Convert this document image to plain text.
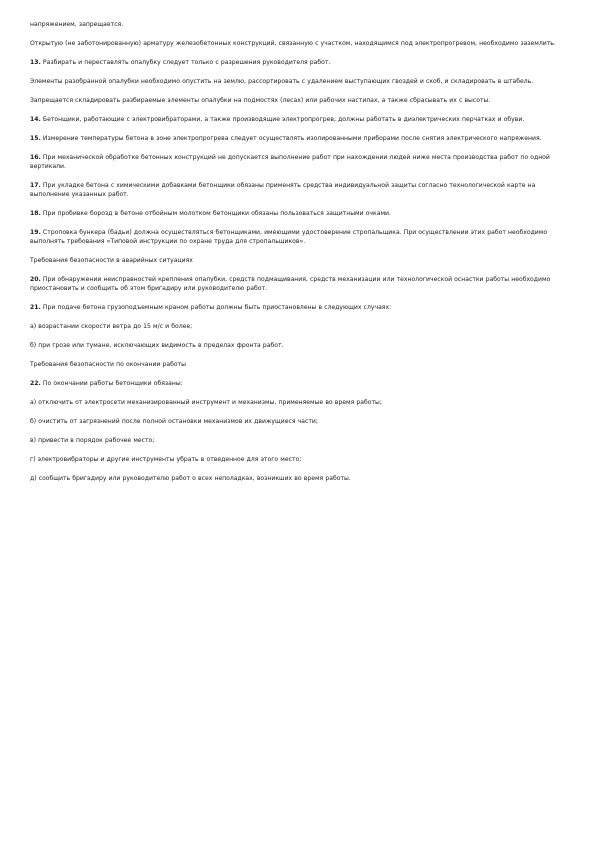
напряжением, запрещается.

Открытую (не заботонированную) арматуру железобетонных конструкций, связанную с участком, находящимся под электропрогревом, необходимо заземлить.

13. Разбирать и переставлять опалубку следует только с разрешения руководителя работ.

Элементы разобранной опалубки необходимо опустить на землю, рассортировать с удалением выступающих гвоздей и скоб, и складировать в штабель.

Запрещается складировать разбираемые элементы опалубки на подмостях (лесах) или рабочих настилах, а также сбрасывать их с высоты.

14. Бетонщики, работающие с электровибраторами, а также производящие электропрогрев, должны работать в диэлектрических перчатках и обуви.

15. Измерение температуры бетона в зоне электропрогрева следует осуществлять изолированными приборами после снятия электрического напряжения.

16. При механической обработке бетонных конструкций не допускается выполнение работ при нахождении людей ниже места производства работ по одной вертикали.

17. При укладке бетона с химическими добавками бетонщики обязаны применять средства индивидуальной защиты согласно технологической карте на выполнение указанных работ.

18. При пробивке борозд в бетоне отбойным молотком бетонщики обязаны пользоваться защитными очками.

19. Строповка бункера (бадьи) должна осуществляться бетонщиками, имеющими удостоверение стропальщика. При осуществлении этих работ необходимо выполнять требования «Типовой инструкции по охране труда для стропальщиков».

Требования безопасности в аварийных ситуациях

20. При обнаружении неисправностей крепления опалубки, средств подмащивания, средств механизации или технологической оснастки работы необходимо приостановить и сообщить об этом бригадиру или руководителю работ.

21. При подаче бетона грузоподъемным краном работы должны быть приостановлены в следующих случаях:

а) возрастании скорости ветра до 15 м/с и более;

б) при грозе или тумане, исключающих видимость в пределах фронта работ.

Требования безопасности по окончании работы

22. По окончании работы бетонщики обязаны:

а) отключить от электросети механизированный инструмент и механизмы, применяемые во время работы;

б) очистить от загрязнений после полной остановки механизмов их движущиеся части;

в) привести в порядок рабочее место;

г) электровибраторы и другие инструменты убрать в отведенное для этого место;

д) сообщить бригадиру или руководителю работ о всех неполадках, возникших во время работы.
